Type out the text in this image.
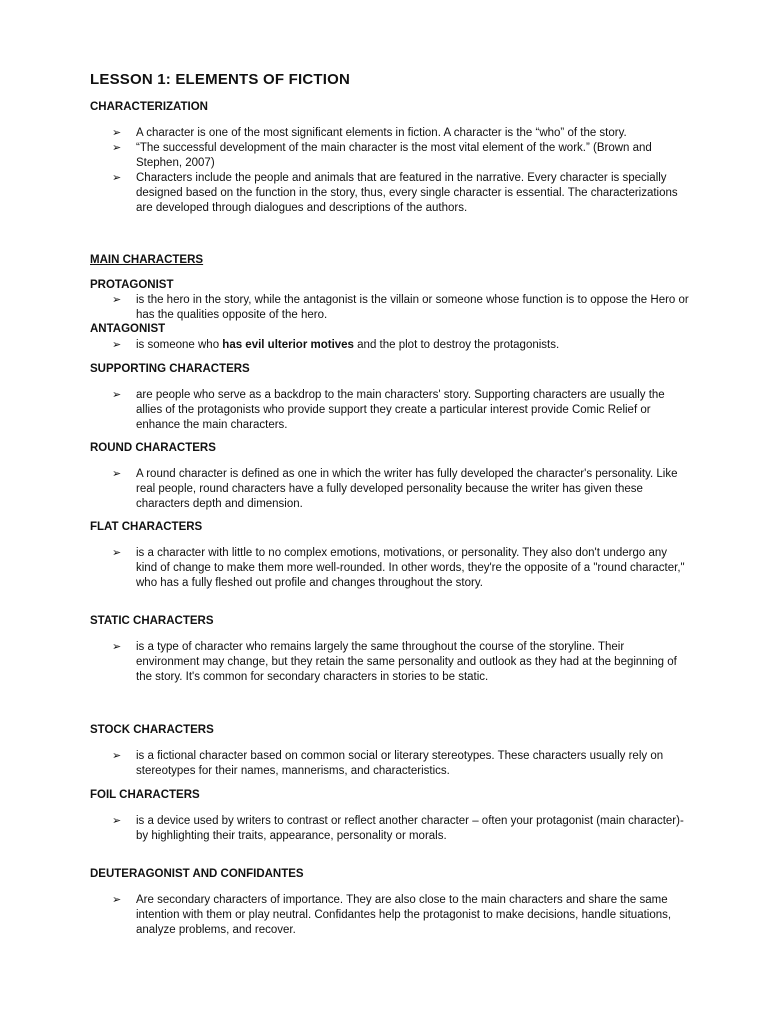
LESSON 1: ELEMENTS OF FICTION
CHARACTERIZATION
➢ A character is one of the most significant elements in fiction. A character is the “who” of the story.
➢ “The successful development of the main character is the most vital element of the work.” (Brown and Stephen, 2007)
➢ Characters include the people and animals that are featured in the narrative. Every character is specially designed based on the function in the story, thus, every single character is essential. The characterizations are developed through dialogues and descriptions of the authors.
MAIN CHARACTERS
PROTAGONIST
➢ is the hero in the story, while the antagonist is the villain or someone whose function is to oppose the Hero or has the qualities opposite of the hero.
ANTAGONIST
➢ is someone who has evil ulterior motives and the plot to destroy the protagonists.
SUPPORTING CHARACTERS
➢ are people who serve as a backdrop to the main characters' story. Supporting characters are usually the allies of the protagonists who provide support they create a particular interest provide Comic Relief or enhance the main characters.
ROUND CHARACTERS
➢ A round character is defined as one in which the writer has fully developed the character's personality. Like real people, round characters have a fully developed personality because the writer has given these characters depth and dimension.
FLAT CHARACTERS
➢ is a character with little to no complex emotions, motivations, or personality. They also don't undergo any kind of change to make them more well-rounded. In other words, they're the opposite of a "round character," who has a fully fleshed out profile and changes throughout the story.
STATIC CHARACTERS
➢ is a type of character who remains largely the same throughout the course of the storyline. Their environment may change, but they retain the same personality and outlook as they had at the beginning of the story. It's common for secondary characters in stories to be static.
STOCK CHARACTERS
➢ is a fictional character based on common social or literary stereotypes. These characters usually rely on stereotypes for their names, mannerisms, and characteristics.
FOIL CHARACTERS
➢ is a device used by writers to contrast or reflect another character – often your protagonist (main character)- by highlighting their traits, appearance, personality or morals.
DEUTERAGONIST AND CONFIDANTES
➢ Are secondary characters of importance. They are also close to the main characters and share the same intention with them or play neutral. Confidantes help the protagonist to make decisions, handle situations, analyze problems, and recover.
